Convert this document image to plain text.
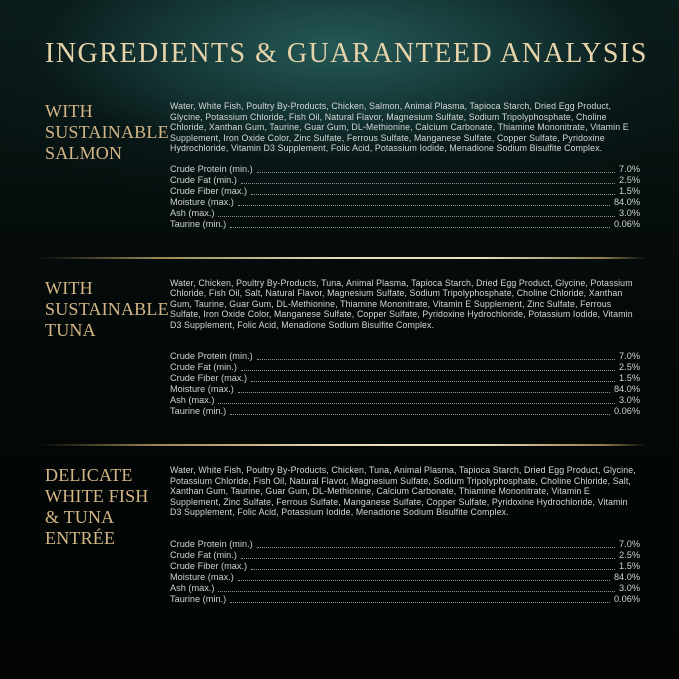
INGREDIENTS & GUARANTEED ANALYSIS
WITH
SUSTAINABLE
SALMON

Water, White Fish, Poultry By-Products, Chicken, Salmon, Animal Plasma, Tapioca Starch, Dried Egg Product, Glycine, Potassium Chloride, Fish Oil, Natural Flavor, Magnesium Sulfate, Sodium Tripolyphosphate, Choline Chloride, Xanthan Gum, Taurine, Guar Gum, DL-Methionine, Calcium Carbonate, Thiamine Mononitrate, Vitamin E Supplement, Iron Oxide Color, Zinc Sulfate, Ferrous Sulfate, Manganese Sulfate, Copper Sulfate, Pyridoxine Hydrochloride, Vitamin D3 Supplement, Folic Acid, Potassium Iodide, Menadione Sodium Bisulfite Complex.

Crude Protein (min.)	7.0%
Crude Fat (min.)	2.5%
Crude Fiber (max.)	1.5%
Moisture (max.)	84.0%
Ash (max.)	3.0%
Taurine (min.)	0.06%
WITH
SUSTAINABLE
TUNA

Water, Chicken, Poultry By-Products, Tuna, Animal Plasma, Tapioca Starch, Dried Egg Product, Glycine, Potassium Chloride, Fish Oil, Salt, Natural Flavor, Magnesium Sulfate, Sodium Tripolyphosphate, Choline Chloride, Xanthan Gum, Taurine, Guar Gum, DL-Methionine, Thiamine Mononitrate, Vitamin E Supplement, Zinc Sulfate, Ferrous Sulfate, Iron Oxide Color, Manganese Sulfate, Copper Sulfate, Pyridoxine Hydrochloride, Potassium Iodide, Vitamin D3 Supplement, Folic Acid, Menadione Sodium Bisulfite Complex.

Crude Protein (min.)	7.0%
Crude Fat (min.)	2.5%
Crude Fiber (max.)	1.5%
Moisture (max.)	84.0%
Ash (max.)	3.0%
Taurine (min.)	0.06%
DELICATE
WHITE FISH
& TUNA
ENTRÉE

Water, White Fish, Poultry By-Products, Chicken, Tuna, Animal Plasma, Tapioca Starch, Dried Egg Product, Glycine, Potassium Chloride, Fish Oil, Natural Flavor, Magnesium Sulfate, Sodium Tripolyphosphate, Choline Chloride, Salt, Xanthan Gum, Taurine, Guar Gum, DL-Methionine, Calcium Carbonate, Thiamine Mononitrate, Vitamin E Supplement, Zinc Sulfate, Ferrous Sulfate, Manganese Sulfate, Copper Sulfate, Pyridoxine Hydrochloride, Vitamin D3 Supplement, Folic Acid, Potassium Iodide, Menadione Sodium Bisulfite Complex.

Crude Protein (min.)	7.0%
Crude Fat (min.)	2.5%
Crude Fiber (max.)	1.5%
Moisture (max.)	84.0%
Ash (max.)	3.0%
Taurine (min.)	0.06%
